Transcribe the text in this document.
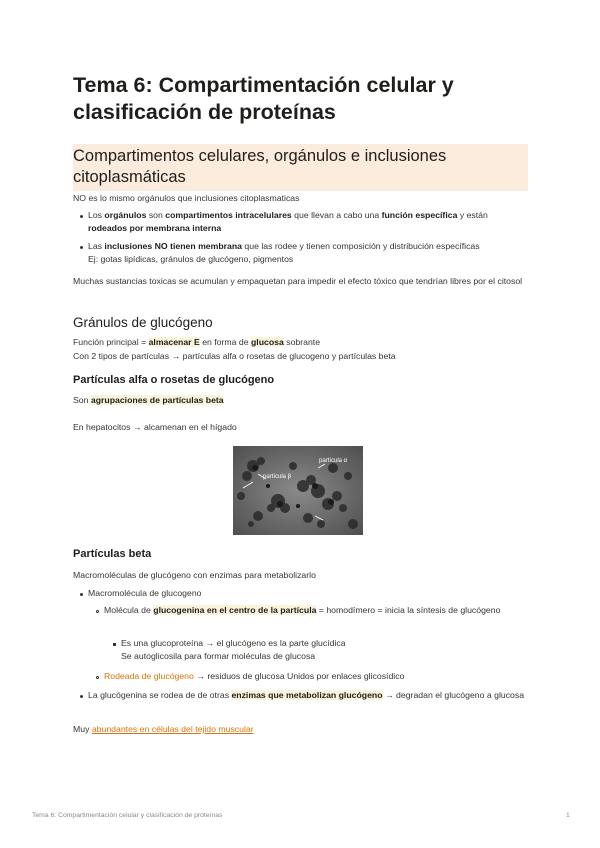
Tema 6: Compartimentación celular y clasificación de proteínas
Compartimentos celulares, orgánulos e inclusiones citoplasmáticas
NO es lo mismo orgánulos que inclusiones citoplasmaticas
Los orgánulos son compartimentos intracelulares que llevan a cabo una función específica y están rodeados por membrana interna
Las inclusiones NO tienen membrana que las rodee y tienen composición y distribución específicas
Ej: gotas lipídicas, gránulos de glucógeno, pigmentos
Muchas sustancias toxicas se acumulan y empaquetan para impedir el efecto tóxico que tendrían libres por el citosol
Gránulos de glucógeno
Función principal = almacenar E en forma de glucosa sobrante
Con 2 tipos de partículas → partículas alfa o rosetas de glucogeno y partículas beta
Partículas alfa o rosetas de glucógeno
Son agrupaciones de partículas beta
En hepatocitos → alcamenan en el hígado
partícula β
partícula α
Partículas beta
Macromoléculas de glucógeno con enzimas para metabolizarlo
Macromolécula de glucogeno
Molécula de glucogenina en el centro de la partícula = homodímero = inicia la síntesis de glucógeno
Es una glucoproteína → el glucógeno es la parte glucídica
Se autoglicosila para formar moléculas de glucosa
Rodeada de glucógeno → residuos de glucosa Unidos por enlaces glicosídico
La glucógenina se rodea de de otras enzimas que metabolizan glucógeno → degradan el glucógeno a glucosa
Muy abundantes en células del tejido muscular
Tema 6: Compartimentación celular y clasificación de proteínas	1
